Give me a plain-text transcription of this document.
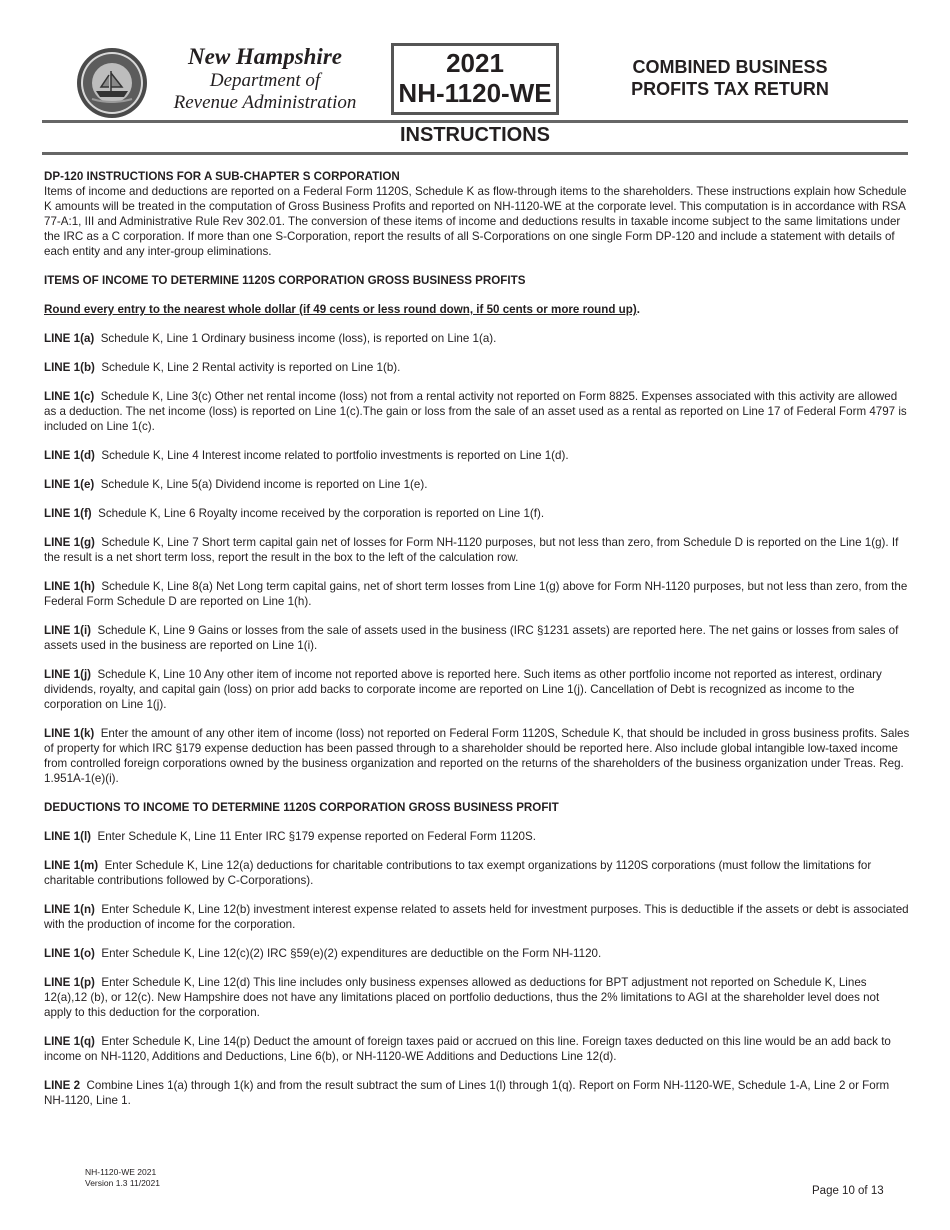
New Hampshire
Department of
Revenue Administration
2021
NH-1120-WE
COMBINED BUSINESS
PROFITS TAX RETURN
INSTRUCTIONS

DP-120 INSTRUCTIONS FOR A SUB-CHAPTER S CORPORATION

Items of income and deductions are reported on a Federal Form 1120S, Schedule K as flow-through items to the shareholders. These instructions explain how Schedule K amounts will be treated in the computation of Gross Business Profits and reported on NH-1120-WE at the corporate level. This computation is in accordance with RSA 77-A:1, III and Administrative Rule Rev 302.01. The conversion of these items of income and deductions results in taxable income subject to the same limitations under the IRC as a C corporation. If more than one S-Corporation, report the results of all S-Corporations on one single Form DP-120 and include a statement with details of each entity and any inter-group eliminations.

ITEMS OF INCOME TO DETERMINE 1120S CORPORATION GROSS BUSINESS PROFITS

Round every entry to the nearest whole dollar (if 49 cents or less round down, if 50 cents or more round up).

LINE 1(a) Schedule K, Line 1 Ordinary business income (loss), is reported on Line 1(a).

LINE 1(b) Schedule K, Line 2 Rental activity is reported on Line 1(b).

LINE 1(c) Schedule K, Line 3(c) Other net rental income (loss) not from a rental activity not reported on Form 8825. Expenses associated with this activity are allowed as a deduction. The net income (loss) is reported on Line 1(c).The gain or loss from the sale of an asset used as a rental as reported on Line 17 of Federal Form 4797 is included on Line 1(c).

LINE 1(d) Schedule K, Line 4 Interest income related to portfolio investments is reported on Line 1(d).

LINE 1(e) Schedule K, Line 5(a) Dividend income is reported on Line 1(e).

LINE 1(f) Schedule K, Line 6 Royalty income received by the corporation is reported on Line 1(f).

LINE 1(g) Schedule K, Line 7 Short term capital gain net of losses for Form NH-1120 purposes, but not less than zero, from Schedule D is reported on the Line 1(g). If the result is a net short term loss, report the result in the box to the left of the calculation row.

LINE 1(h) Schedule K, Line 8(a) Net Long term capital gains, net of short term losses from Line 1(g) above for Form NH-1120 purposes, but not less than zero, from the Federal Form Schedule D are reported on Line 1(h).

LINE 1(i) Schedule K, Line 9 Gains or losses from the sale of assets used in the business (IRC §1231 assets) are reported here. The net gains or losses from sales of assets used in the business are reported on Line 1(i).

LINE 1(j) Schedule K, Line 10 Any other item of income not reported above is reported here. Such items as other portfolio income not reported as interest, ordinary dividends, royalty, and capital gain (loss) on prior add backs to corporate income are reported on Line 1(j). Cancellation of Debt is recognized as income to the corporation on Line 1(j).

LINE 1(k) Enter the amount of any other item of income (loss) not reported on Federal Form 1120S, Schedule K, that should be included in gross business profits. Sales of property for which IRC §179 expense deduction has been passed through to a shareholder should be reported here. Also include global intangible low-taxed income from controlled foreign corporations owned by the business organization and reported on the returns of the shareholders of the business organization under Treas. Reg. 1.951A-1(e)(i).

DEDUCTIONS TO INCOME TO DETERMINE 1120S CORPORATION GROSS BUSINESS PROFIT

LINE 1(l) Enter Schedule K, Line 11 Enter IRC §179 expense reported on Federal Form 1120S.

LINE 1(m) Enter Schedule K, Line 12(a) deductions for charitable contributions to tax exempt organizations by 1120S corporations (must follow the limitations for charitable contributions followed by C-Corporations).

LINE 1(n) Enter Schedule K, Line 12(b) investment interest expense related to assets held for investment purposes. This is deductible if the assets or debt is associated with the production of income for the corporation.

LINE 1(o) Enter Schedule K, Line 12(c)(2) IRC §59(e)(2) expenditures are deductible on the Form NH-1120.

LINE 1(p) Enter Schedule K, Line 12(d) This line includes only business expenses allowed as deductions for BPT adjustment not reported on Schedule K, Lines 12(a),12 (b), or 12(c). New Hampshire does not have any limitations placed on portfolio deductions, thus the 2% limitations to AGI at the shareholder level does not apply to this deduction for the corporation.

LINE 1(q) Enter Schedule K, Line 14(p) Deduct the amount of foreign taxes paid or accrued on this line. Foreign taxes deducted on this line would be an add back to income on NH-1120, Additions and Deductions, Line 6(b), or NH-1120-WE Additions and Deductions Line 12(d).

LINE 2 Combine Lines 1(a) through 1(k) and from the result subtract the sum of Lines 1(l) through 1(q). Report on Form NH-1120-WE, Schedule 1-A, Line 2 or Form NH-1120, Line 1.

NH-1120-WE 2021
Version 1.3 11/2021
Page 10 of 13
